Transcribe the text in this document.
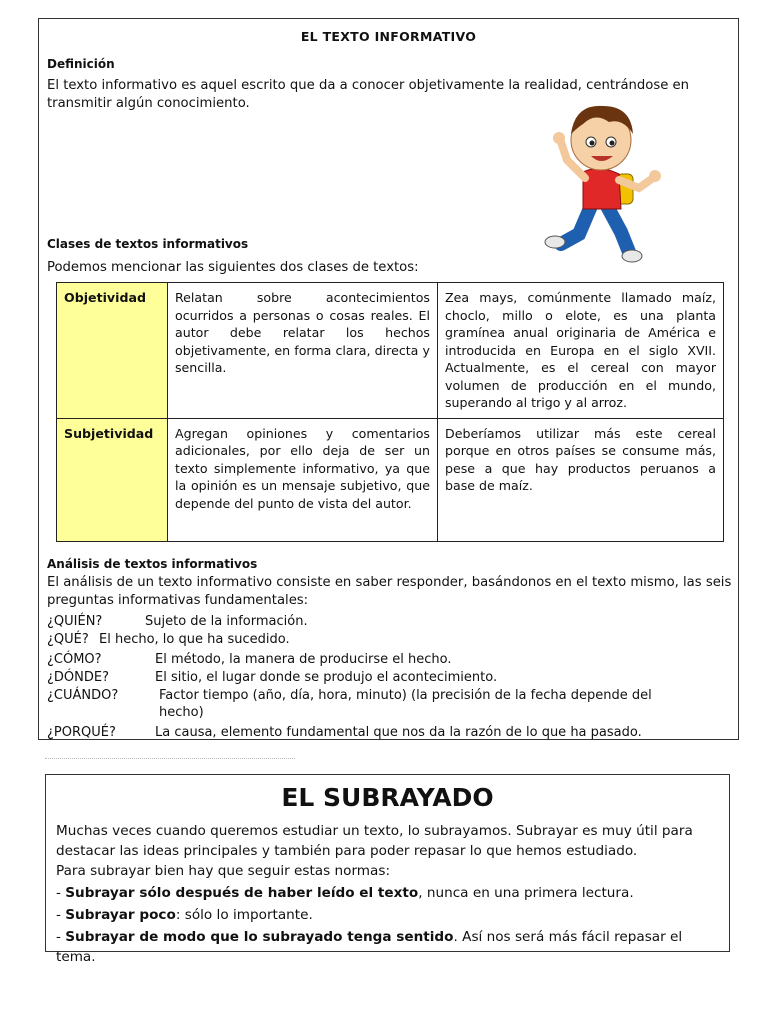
EL TEXTO INFORMATIVO
Definición
El texto informativo es aquel escrito que da a conocer objetivamente la realidad, centrándose en transmitir algún conocimiento.
Clases de textos informativos
Podemos mencionar las siguientes dos clases de textos:
Objetividad	Relatan sobre acontecimientos ocurridos a personas o cosas reales. El autor debe relatar los hechos objetivamente, en forma clara, directa y sencilla.	Zea mays, comúnmente llamado maíz, choclo, millo o elote, es una planta gramínea anual originaria de América e introducida en Europa en el siglo XVII. Actualmente, es el cereal con mayor volumen de producción en el mundo, superando al trigo y al arroz.
Subjetividad	Agregan opiniones y comentarios adicionales, por ello deja de ser un texto simplemente informativo, ya que la opinión es un mensaje subjetivo, que depende del punto de vista del autor.	Deberíamos utilizar más este cereal porque en otros países se consume más, pese a que hay productos peruanos a base de maíz.
Análisis de textos informativos
El análisis de un texto informativo consiste en saber responder, basándonos en el texto mismo, las seis preguntas informativas fundamentales:
¿QUIÉN?	Sujeto de la información.
¿QUÉ? El hecho, lo que ha sucedido.
¿CÓMO?	El método, la manera de producirse el hecho.
¿DÓNDE?	El sitio, el lugar donde se produjo el acontecimiento.
¿CUÁNDO?	Factor tiempo (año, día, hora, minuto) (la precisión de la fecha depende del hecho)
¿PORQUÉ?	La causa, elemento fundamental que nos da la razón de lo que ha pasado.
EL SUBRAYADO
Muchas veces cuando queremos estudiar un texto, lo subrayamos. Subrayar es muy útil para destacar las ideas principales y también para poder repasar lo que hemos estudiado.
Para subrayar bien hay que seguir estas normas:
- Subrayar sólo después de haber leído el texto, nunca en una primera lectura.
- Subrayar poco: sólo lo importante.
- Subrayar de modo que lo subrayado tenga sentido. Así nos será más fácil repasar el tema.
